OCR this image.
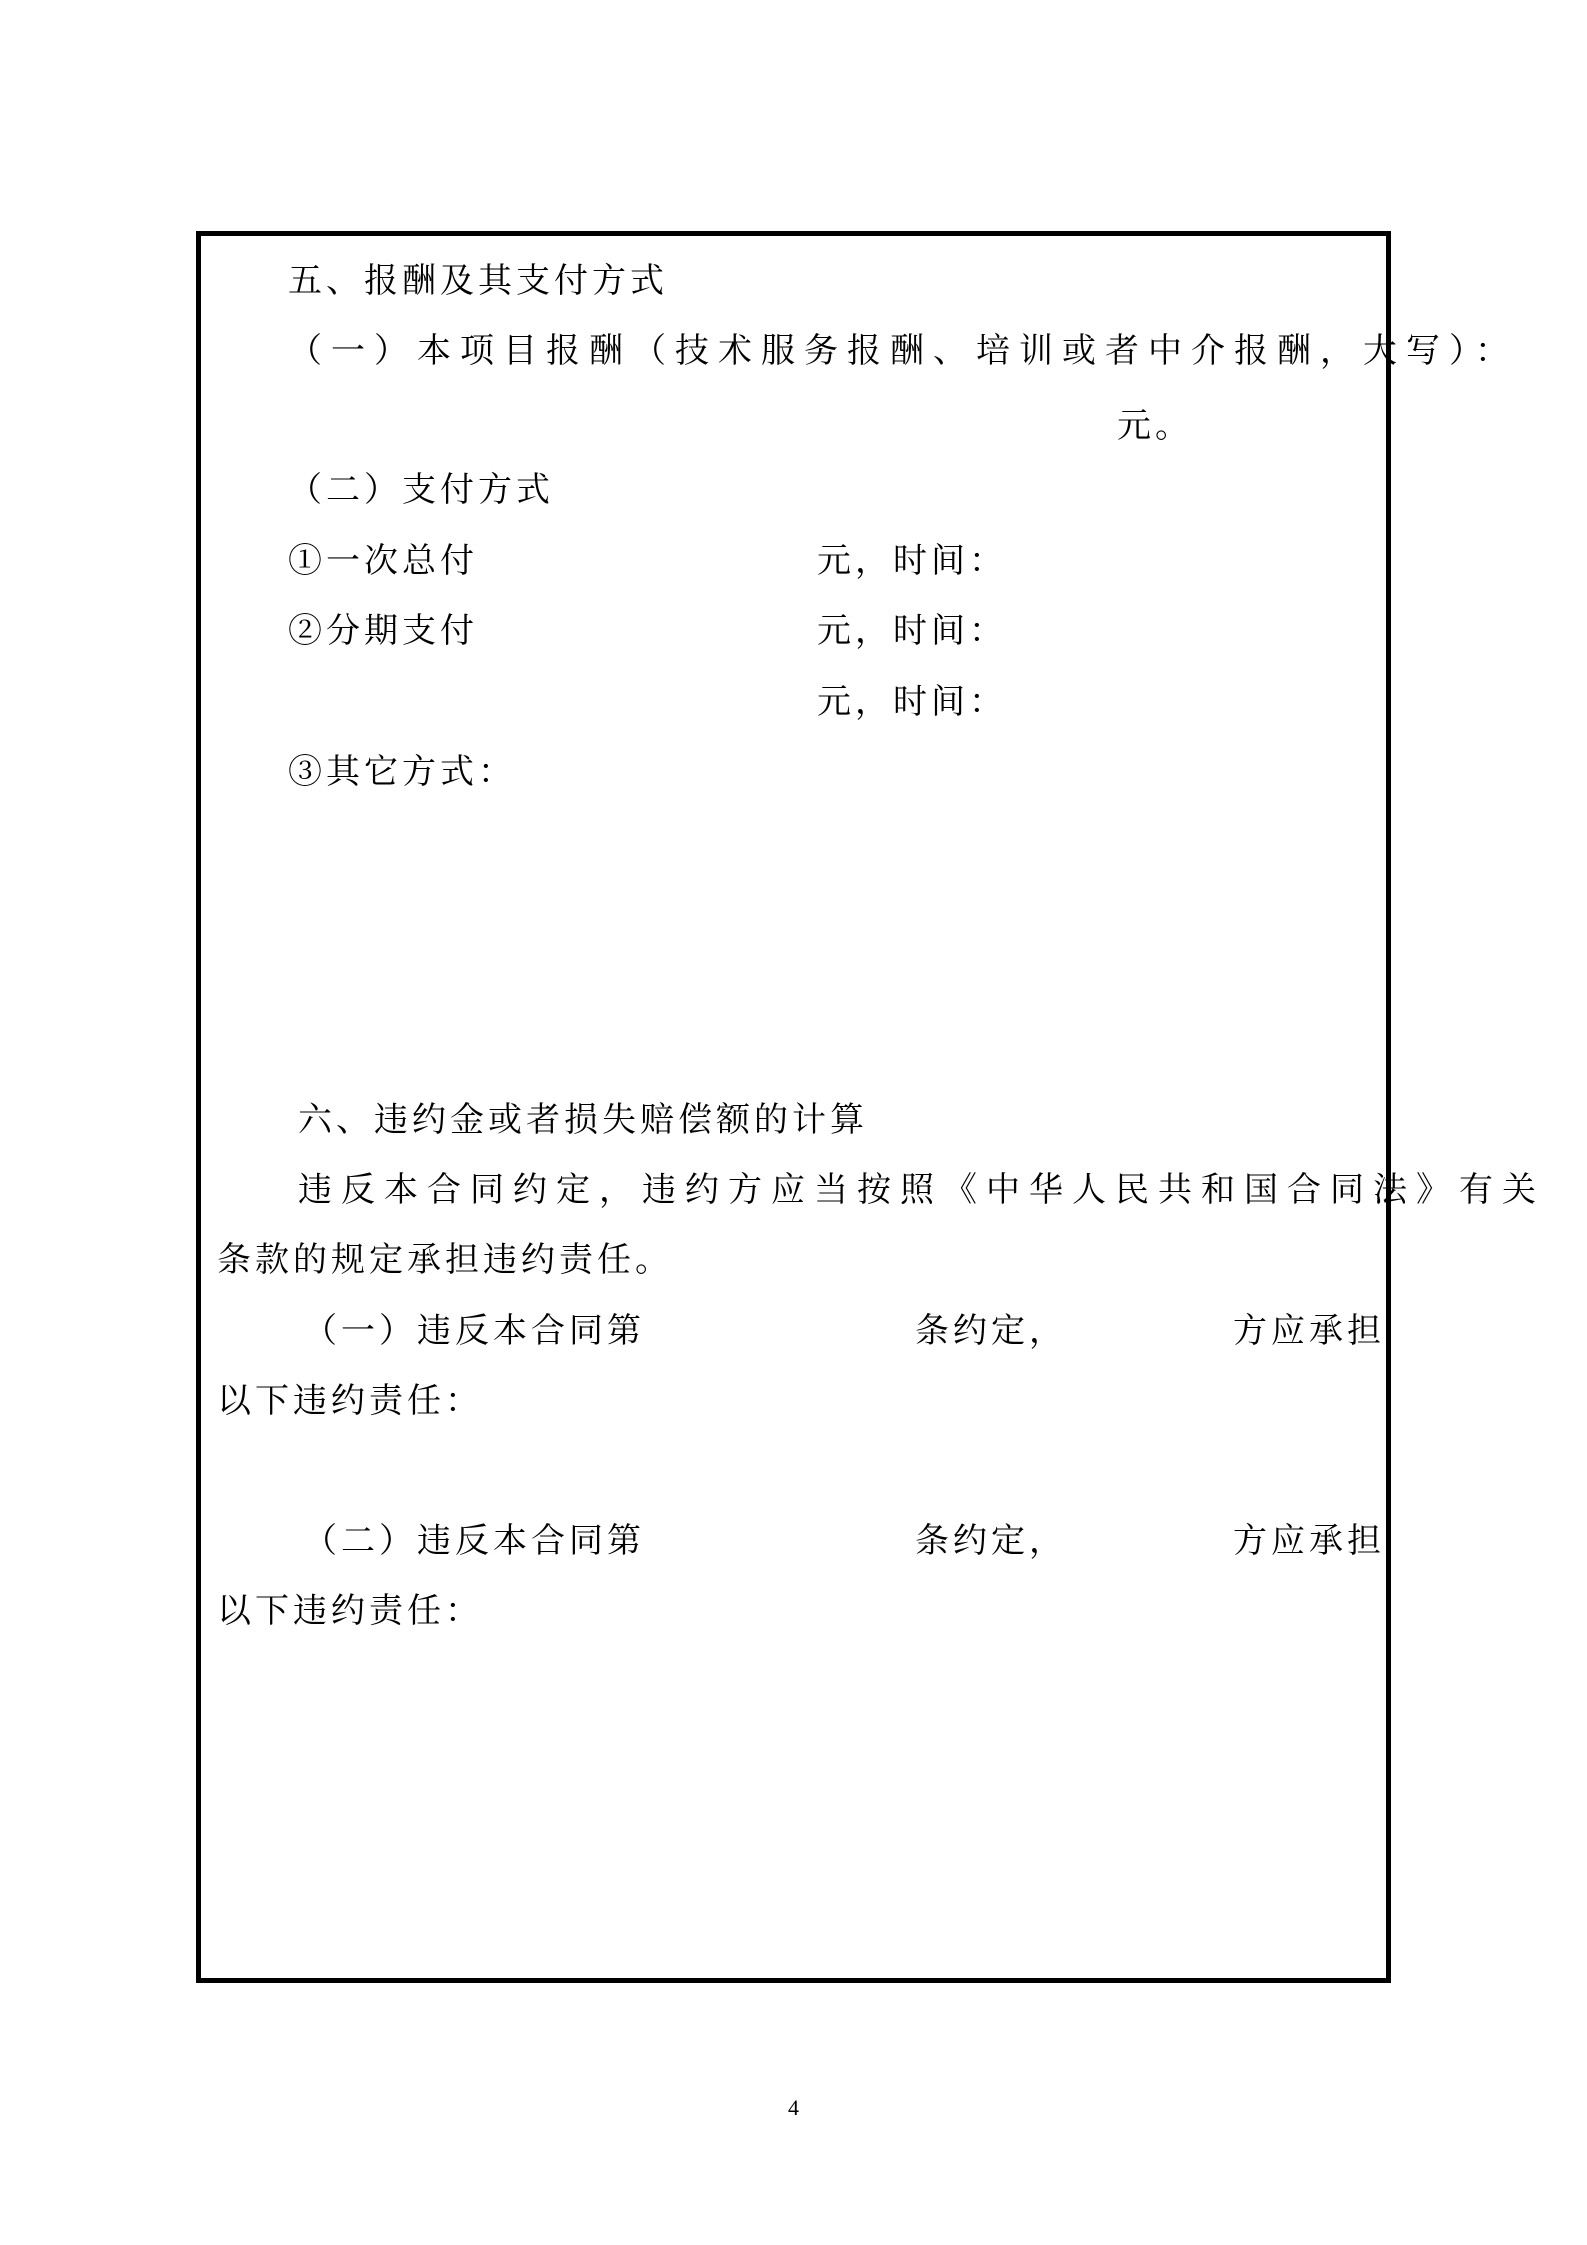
五、报酬及其支付方式
（一）本项目报酬（技术服务报酬、培训或者中介报酬，大写）：
元。
（二）支付方式
①一次总付	元，时间：
②分期支付	元，时间：
元，时间：
③其它方式：
六、违约金或者损失赔偿额的计算
违反本合同约定，违约方应当按照《中华人民共和国合同法》有关
条款的规定承担违约责任。
（一）违反本合同第	条约定，	方应承担
以下违约责任：
（二）违反本合同第	条约定，	方应承担
以下违约责任：
4
